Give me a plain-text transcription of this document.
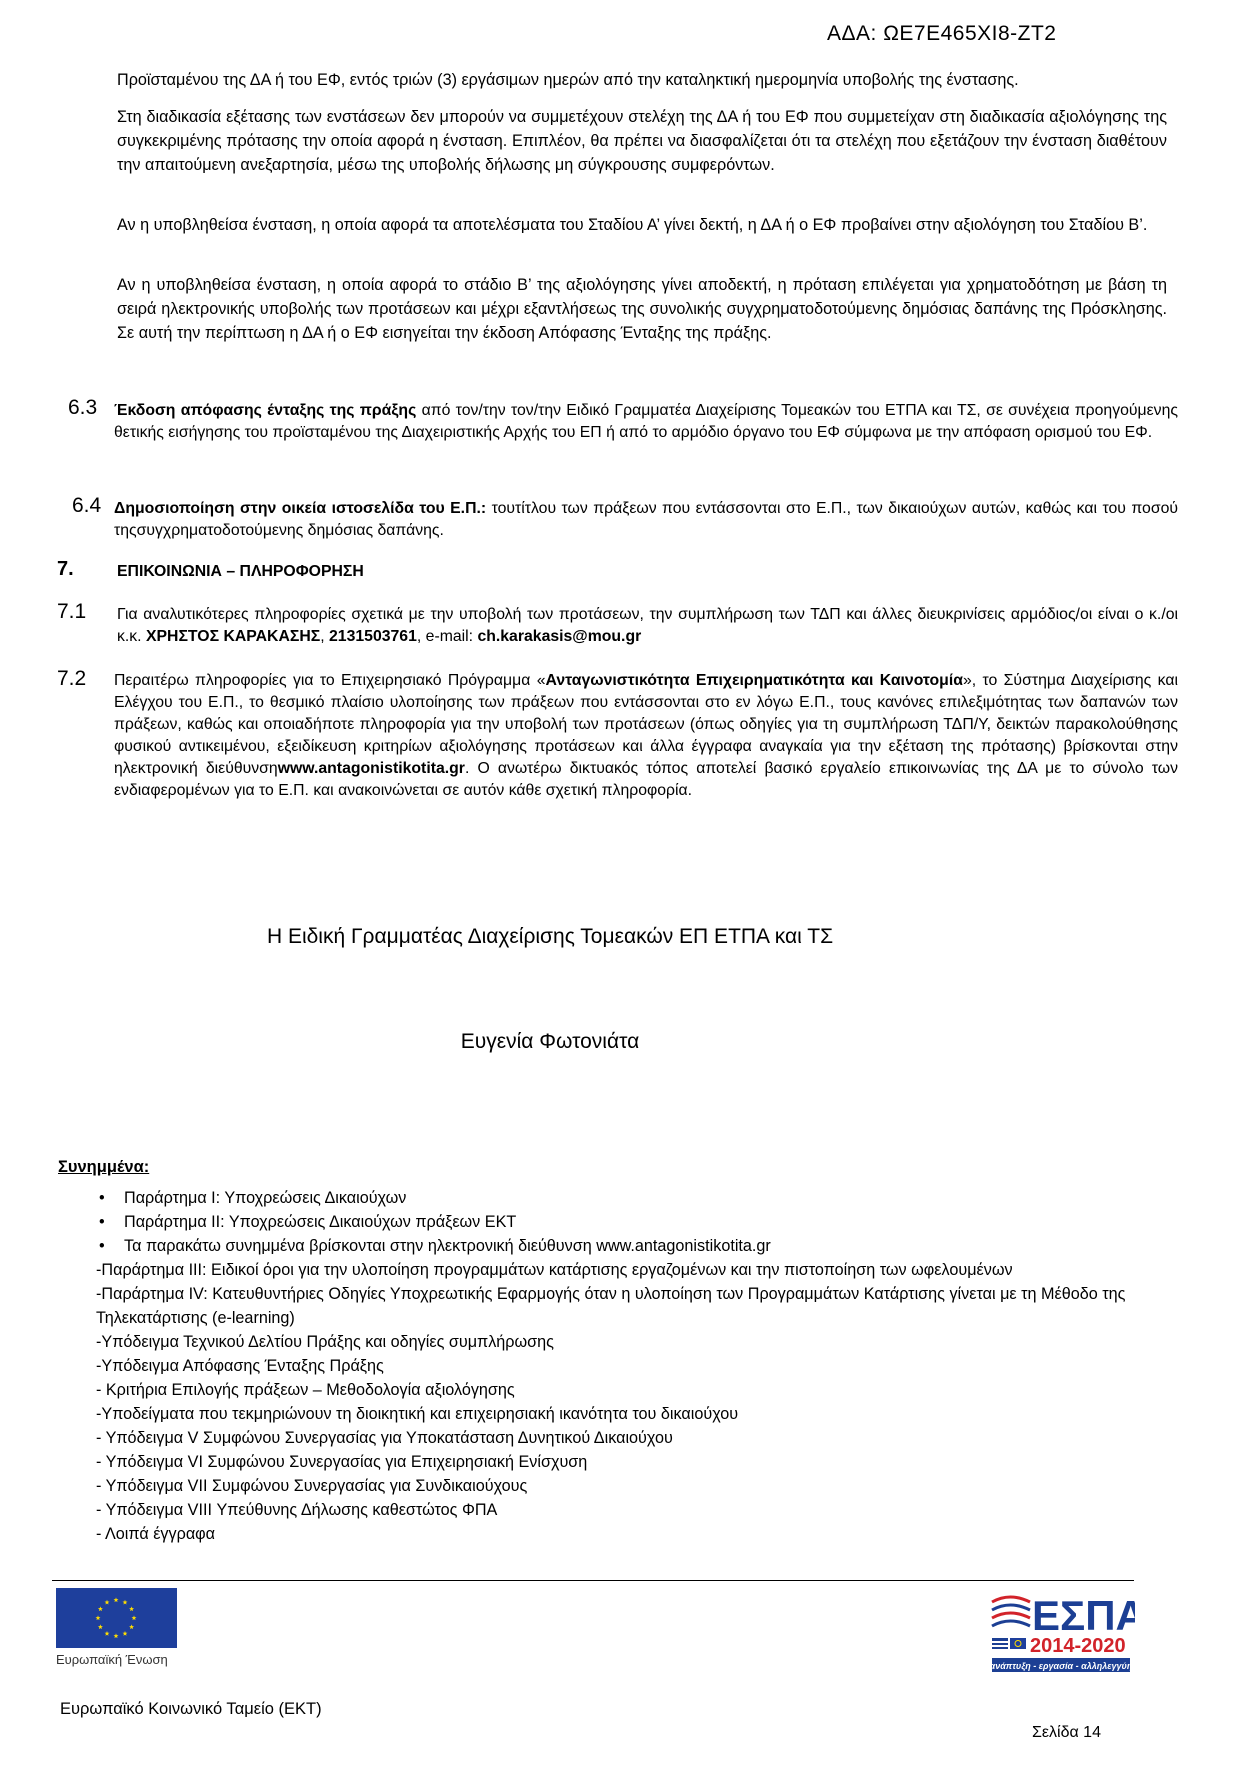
ΑΔΑ: ΩΕ7Ε465ΧΙ8-ΖΤ2
Προϊσταμένου της ΔΑ ή του ΕΦ, εντός τριών (3) εργάσιμων ημερών από την καταληκτική ημερομηνία υποβολής της ένστασης.
Στη διαδικασία εξέτασης των ενστάσεων δεν μπορούν να συμμετέχουν στελέχη της ΔΑ ή του ΕΦ που συμμετείχαν στη διαδικασία αξιολόγησης της συγκεκριμένης πρότασης την οποία αφορά η ένσταση. Επιπλέον, θα πρέπει να διασφαλίζεται ότι τα στελέχη που εξετάζουν την ένσταση διαθέτουν την απαιτούμενη ανεξαρτησία, μέσω της υποβολής δήλωσης μη σύγκρουσης συμφερόντων.
Αν η υποβληθείσα ένσταση, η οποία αφορά τα αποτελέσματα του Σταδίου Α’ γίνει δεκτή, η ΔΑ ή ο ΕΦ προβαίνει στην αξιολόγηση του Σταδίου Β’.
Αν η υποβληθείσα ένσταση, η οποία αφορά το στάδιο Β’ της αξιολόγησης γίνει αποδεκτή, η πρόταση επιλέγεται για χρηματοδότηση με βάση τη σειρά ηλεκτρονικής υποβολής των προτάσεων και μέχρι εξαντλήσεως της συνολικής συγχρηματοδοτούμενης δημόσιας δαπάνης της Πρόσκλησης. Σε αυτή την περίπτωση η ΔΑ ή ο ΕΦ εισηγείται την έκδοση Απόφασης Ένταξης της πράξης.
6.3 Έκδοση απόφασης ένταξης της πράξης από τον/την τον/την Ειδικό Γραμματέα Διαχείρισης Τομεακών του ΕΤΠΑ και ΤΣ, σε συνέχεια προηγούμενης θετικής εισήγησης του προϊσταμένου της Διαχειριστικής Αρχής του ΕΠ ή από το αρμόδιο όργανο του ΕΦ σύμφωνα με την απόφαση ορισμού του ΕΦ.
6.4 Δημοσιοποίηση στην οικεία ιστοσελίδα του Ε.Π.: τουτίτλου των πράξεων που εντάσσονται στο Ε.Π., των δικαιούχων αυτών, καθώς και του ποσού τηςσυγχρηματοδοτούμενης δημόσιας δαπάνης.
7.	ΕΠΙΚΟΙΝΩΝΙΑ – ΠΛΗΡΟΦΟΡΗΣΗ
7.1 Για αναλυτικότερες πληροφορίες σχετικά με την υποβολή των προτάσεων, την συμπλήρωση των ΤΔΠ και άλλες διευκρινίσεις αρμόδιος/οι είναι ο κ./οι κ.κ. ΧΡΗΣΤΟΣ ΚΑΡΑΚΑΣΗΣ, 2131503761, e-mail: ch.karakasis@mou.gr
7.2 Περαιτέρω πληροφορίες για το Επιχειρησιακό Πρόγραμμα «Ανταγωνιστικότητα Επιχειρηματικότητα και Καινοτομία», το Σύστημα Διαχείρισης και Ελέγχου του Ε.Π., το θεσμικό πλαίσιο υλοποίησης των πράξεων που εντάσσονται στο εν λόγω Ε.Π., τους κανόνες επιλεξιμότητας των δαπανών των πράξεων, καθώς και οποιαδήποτε πληροφορία για την υποβολή των προτάσεων (όπως οδηγίες για τη συμπλήρωση ΤΔΠ/Υ, δεικτών παρακολούθησης φυσικού αντικειμένου, εξειδίκευση κριτηρίων αξιολόγησης προτάσεων και άλλα έγγραφα αναγκαία για την εξέταση της πρότασης) βρίσκονται στην ηλεκτρονική διεύθυνσηwww.antagonistikotita.gr. Ο ανωτέρω δικτυακός τόπος αποτελεί βασικό εργαλείο επικοινωνίας της ΔΑ με το σύνολο των ενδιαφερομένων για το Ε.Π. και ανακοινώνεται σε αυτόν κάθε σχετική πληροφορία.
Η Ειδική Γραμματέας Διαχείρισης Τομεακών ΕΠ ΕΤΠΑ και ΤΣ
Ευγενία Φωτονιάτα
Συνημμένα:
• Παράρτημα Ι: Υποχρεώσεις Δικαιούχων
• Παράρτημα ΙΙ: Υποχρεώσεις Δικαιούχων πράξεων ΕΚΤ
• Τα παρακάτω συνημμένα βρίσκονται στην ηλεκτρονική διεύθυνση www.antagonistikotita.gr
-Παράρτημα ΙΙΙ: Ειδικοί όροι για την υλοποίηση προγραμμάτων κατάρτισης εργαζομένων και την πιστοποίηση των ωφελουμένων
-Παράρτημα IV: Κατευθυντήριες Οδηγίες Υποχρεωτικής Εφαρμογής όταν η υλοποίηση των Προγραμμάτων Κατάρτισης γίνεται με τη Μέθοδο της Τηλεκατάρτισης (e-learning)
-Υπόδειγμα Τεχνικού Δελτίου Πράξης και οδηγίες συμπλήρωσης
-Υπόδειγμα Απόφασης Ένταξης Πράξης
- Κριτήρια Επιλογής πράξεων – Μεθοδολογία αξιολόγησης
-Υποδείγματα που τεκμηριώνουν τη διοικητική και επιχειρησιακή ικανότητα του δικαιούχου
- Υπόδειγμα V Συμφώνου Συνεργασίας για Υποκατάσταση Δυνητικού Δικαιούχου
- Υπόδειγμα VI Συμφώνου Συνεργασίας για Επιχειρησιακή Ενίσχυση
- Υπόδειγμα VII Συμφώνου Συνεργασίας για Συνδικαιούχους
- Υπόδειγμα VIII Υπεύθυνης Δήλωσης καθεστώτος ΦΠΑ
- Λοιπά έγγραφα
Ευρωπαϊκή Ένωση
ΕΣΠΑ
2014-2020
ανάπτυξη - εργασία - αλληλεγγύη
Ευρωπαϊκό Κοινωνικό Ταμείο (ΕΚΤ)
Σελίδα 14
